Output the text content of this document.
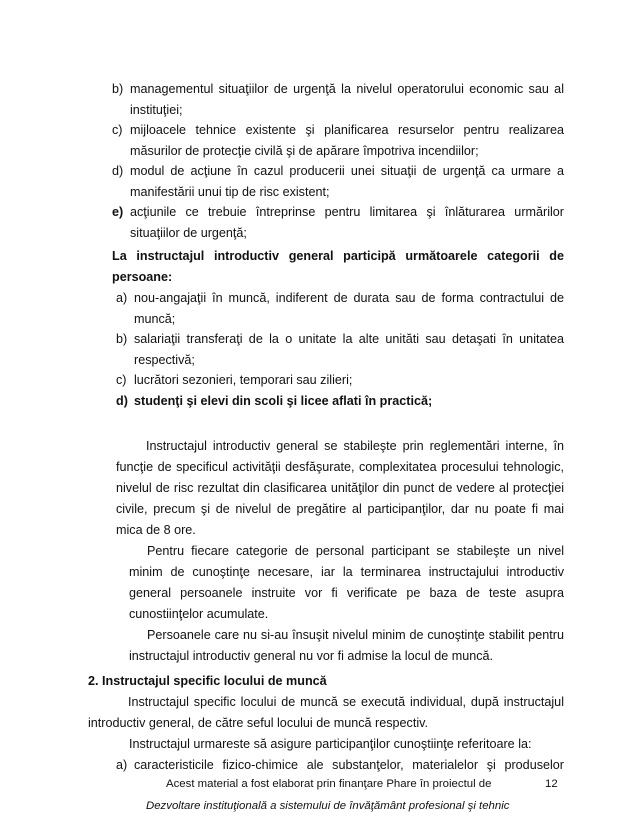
b) managementul situaţiilor de urgenţă la nivelul operatorului economic sau al instituţiei;
c) mijloacele tehnice existente şi planificarea resurselor pentru realizarea măsurilor de protecţie civilă şi de apărare împotriva incendiilor;
d) modul de acţiune în cazul producerii unei situaţii de urgenţă ca urmare a manifestării unui tip de risc existent;
e) acţiunile ce trebuie întreprinse pentru limitarea şi înlăturarea urmărilor situaţiilor de urgenţă;
La instructajul introductiv general participă următoarele categorii de persoane:
a) nou-angajaţii în muncă, indiferent de durata sau de forma contractului de muncă;
b) salariaţii transferaţi de la o unitate la alte unităti sau detaşati în unitatea respectivă;
c) lucrători sezonieri, temporari sau zilieri;
d) studenţi şi elevi din scoli şi licee aflati în practică;
Instructajul introductiv general se stabileşte prin reglementări interne, în funcţie de specificul activităţii desfăşurate, complexitatea procesului tehnologic, nivelul de risc rezultat din clasificarea unităţilor din punct de vedere al protecţiei civile, precum şi de nivelul de pregătire al participanţilor, dar nu poate fi mai mica de 8 ore.
Pentru fiecare categorie de personal participant se stabileşte un nivel minim de cunoştinţe necesare, iar la terminarea instructajului introductiv general persoanele instruite vor fi verificate pe baza de teste asupra cunostiinţelor acumulate.
Persoanele care nu si-au însuşit nivelul minim de cunoştinţe stabilit pentru instructajul introductiv general nu vor fi admise la locul de muncă.
2. Instructajul specific locului de muncă
Instructajul specific locului de muncă se execută individual, după instructajul introductiv general, de către seful locului de muncă respectiv.
Instructajul urmareste să asigure participanţilor cunoştiinţe referitoare la:
a) caracteristicile fizico-chimice ale substanţelor, materialelor şi produselor
Acest material a fost elaborat prin finanţare Phare în proiectul de	12
Dezvoltare instituţională a sistemului de învăţământ profesional şi tehnic
